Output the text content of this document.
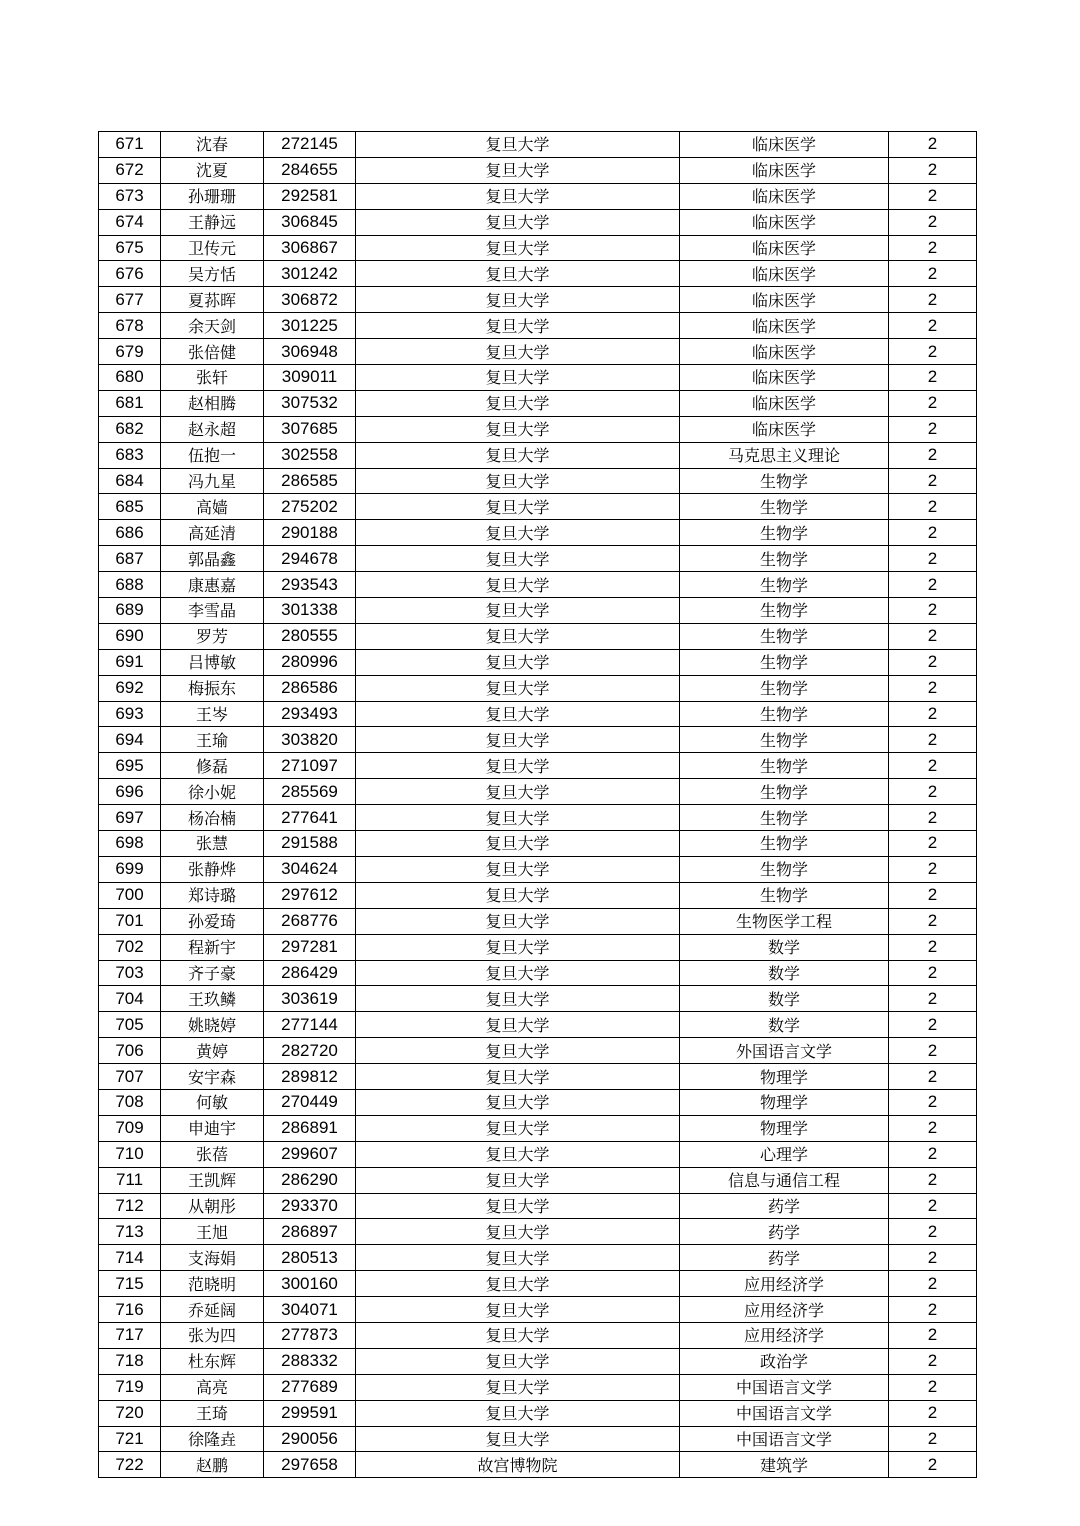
671	沈春	272145	复旦大学	临床医学	2
672	沈夏	284655	复旦大学	临床医学	2
673	孙珊珊	292581	复旦大学	临床医学	2
674	王静远	306845	复旦大学	临床医学	2
675	卫传元	306867	复旦大学	临床医学	2
676	吴方恬	301242	复旦大学	临床医学	2
677	夏荪晖	306872	复旦大学	临床医学	2
678	余天剑	301225	复旦大学	临床医学	2
679	张倍健	306948	复旦大学	临床医学	2
680	张轩	309011	复旦大学	临床医学	2
681	赵相腾	307532	复旦大学	临床医学	2
682	赵永超	307685	复旦大学	临床医学	2
683	伍抱一	302558	复旦大学	马克思主义理论	2
684	冯九星	286585	复旦大学	生物学	2
685	高嫱	275202	复旦大学	生物学	2
686	高延清	290188	复旦大学	生物学	2
687	郭晶鑫	294678	复旦大学	生物学	2
688	康惠嘉	293543	复旦大学	生物学	2
689	李雪晶	301338	复旦大学	生物学	2
690	罗芳	280555	复旦大学	生物学	2
691	吕博敏	280996	复旦大学	生物学	2
692	梅振东	286586	复旦大学	生物学	2
693	王岑	293493	复旦大学	生物学	2
694	王瑜	303820	复旦大学	生物学	2
695	修磊	271097	复旦大学	生物学	2
696	徐小妮	285569	复旦大学	生物学	2
697	杨冶楠	277641	复旦大学	生物学	2
698	张慧	291588	复旦大学	生物学	2
699	张静烨	304624	复旦大学	生物学	2
700	郑诗璐	297612	复旦大学	生物学	2
701	孙爱琦	268776	复旦大学	生物医学工程	2
702	程新宇	297281	复旦大学	数学	2
703	齐子豪	286429	复旦大学	数学	2
704	王玖鳞	303619	复旦大学	数学	2
705	姚晓婷	277144	复旦大学	数学	2
706	黄婷	282720	复旦大学	外国语言文学	2
707	安宇森	289812	复旦大学	物理学	2
708	何敏	270449	复旦大学	物理学	2
709	申迪宇	286891	复旦大学	物理学	2
710	张蓓	299607	复旦大学	心理学	2
711	王凯辉	286290	复旦大学	信息与通信工程	2
712	从朝彤	293370	复旦大学	药学	2
713	王旭	286897	复旦大学	药学	2
714	支海娟	280513	复旦大学	药学	2
715	范晓明	300160	复旦大学	应用经济学	2
716	乔延阔	304071	复旦大学	应用经济学	2
717	张为四	277873	复旦大学	应用经济学	2
718	杜东辉	288332	复旦大学	政治学	2
719	高亮	277689	复旦大学	中国语言文学	2
720	王琦	299591	复旦大学	中国语言文学	2
721	徐隆垚	290056	复旦大学	中国语言文学	2
722	赵鹏	297658	故宫博物院	建筑学	2
